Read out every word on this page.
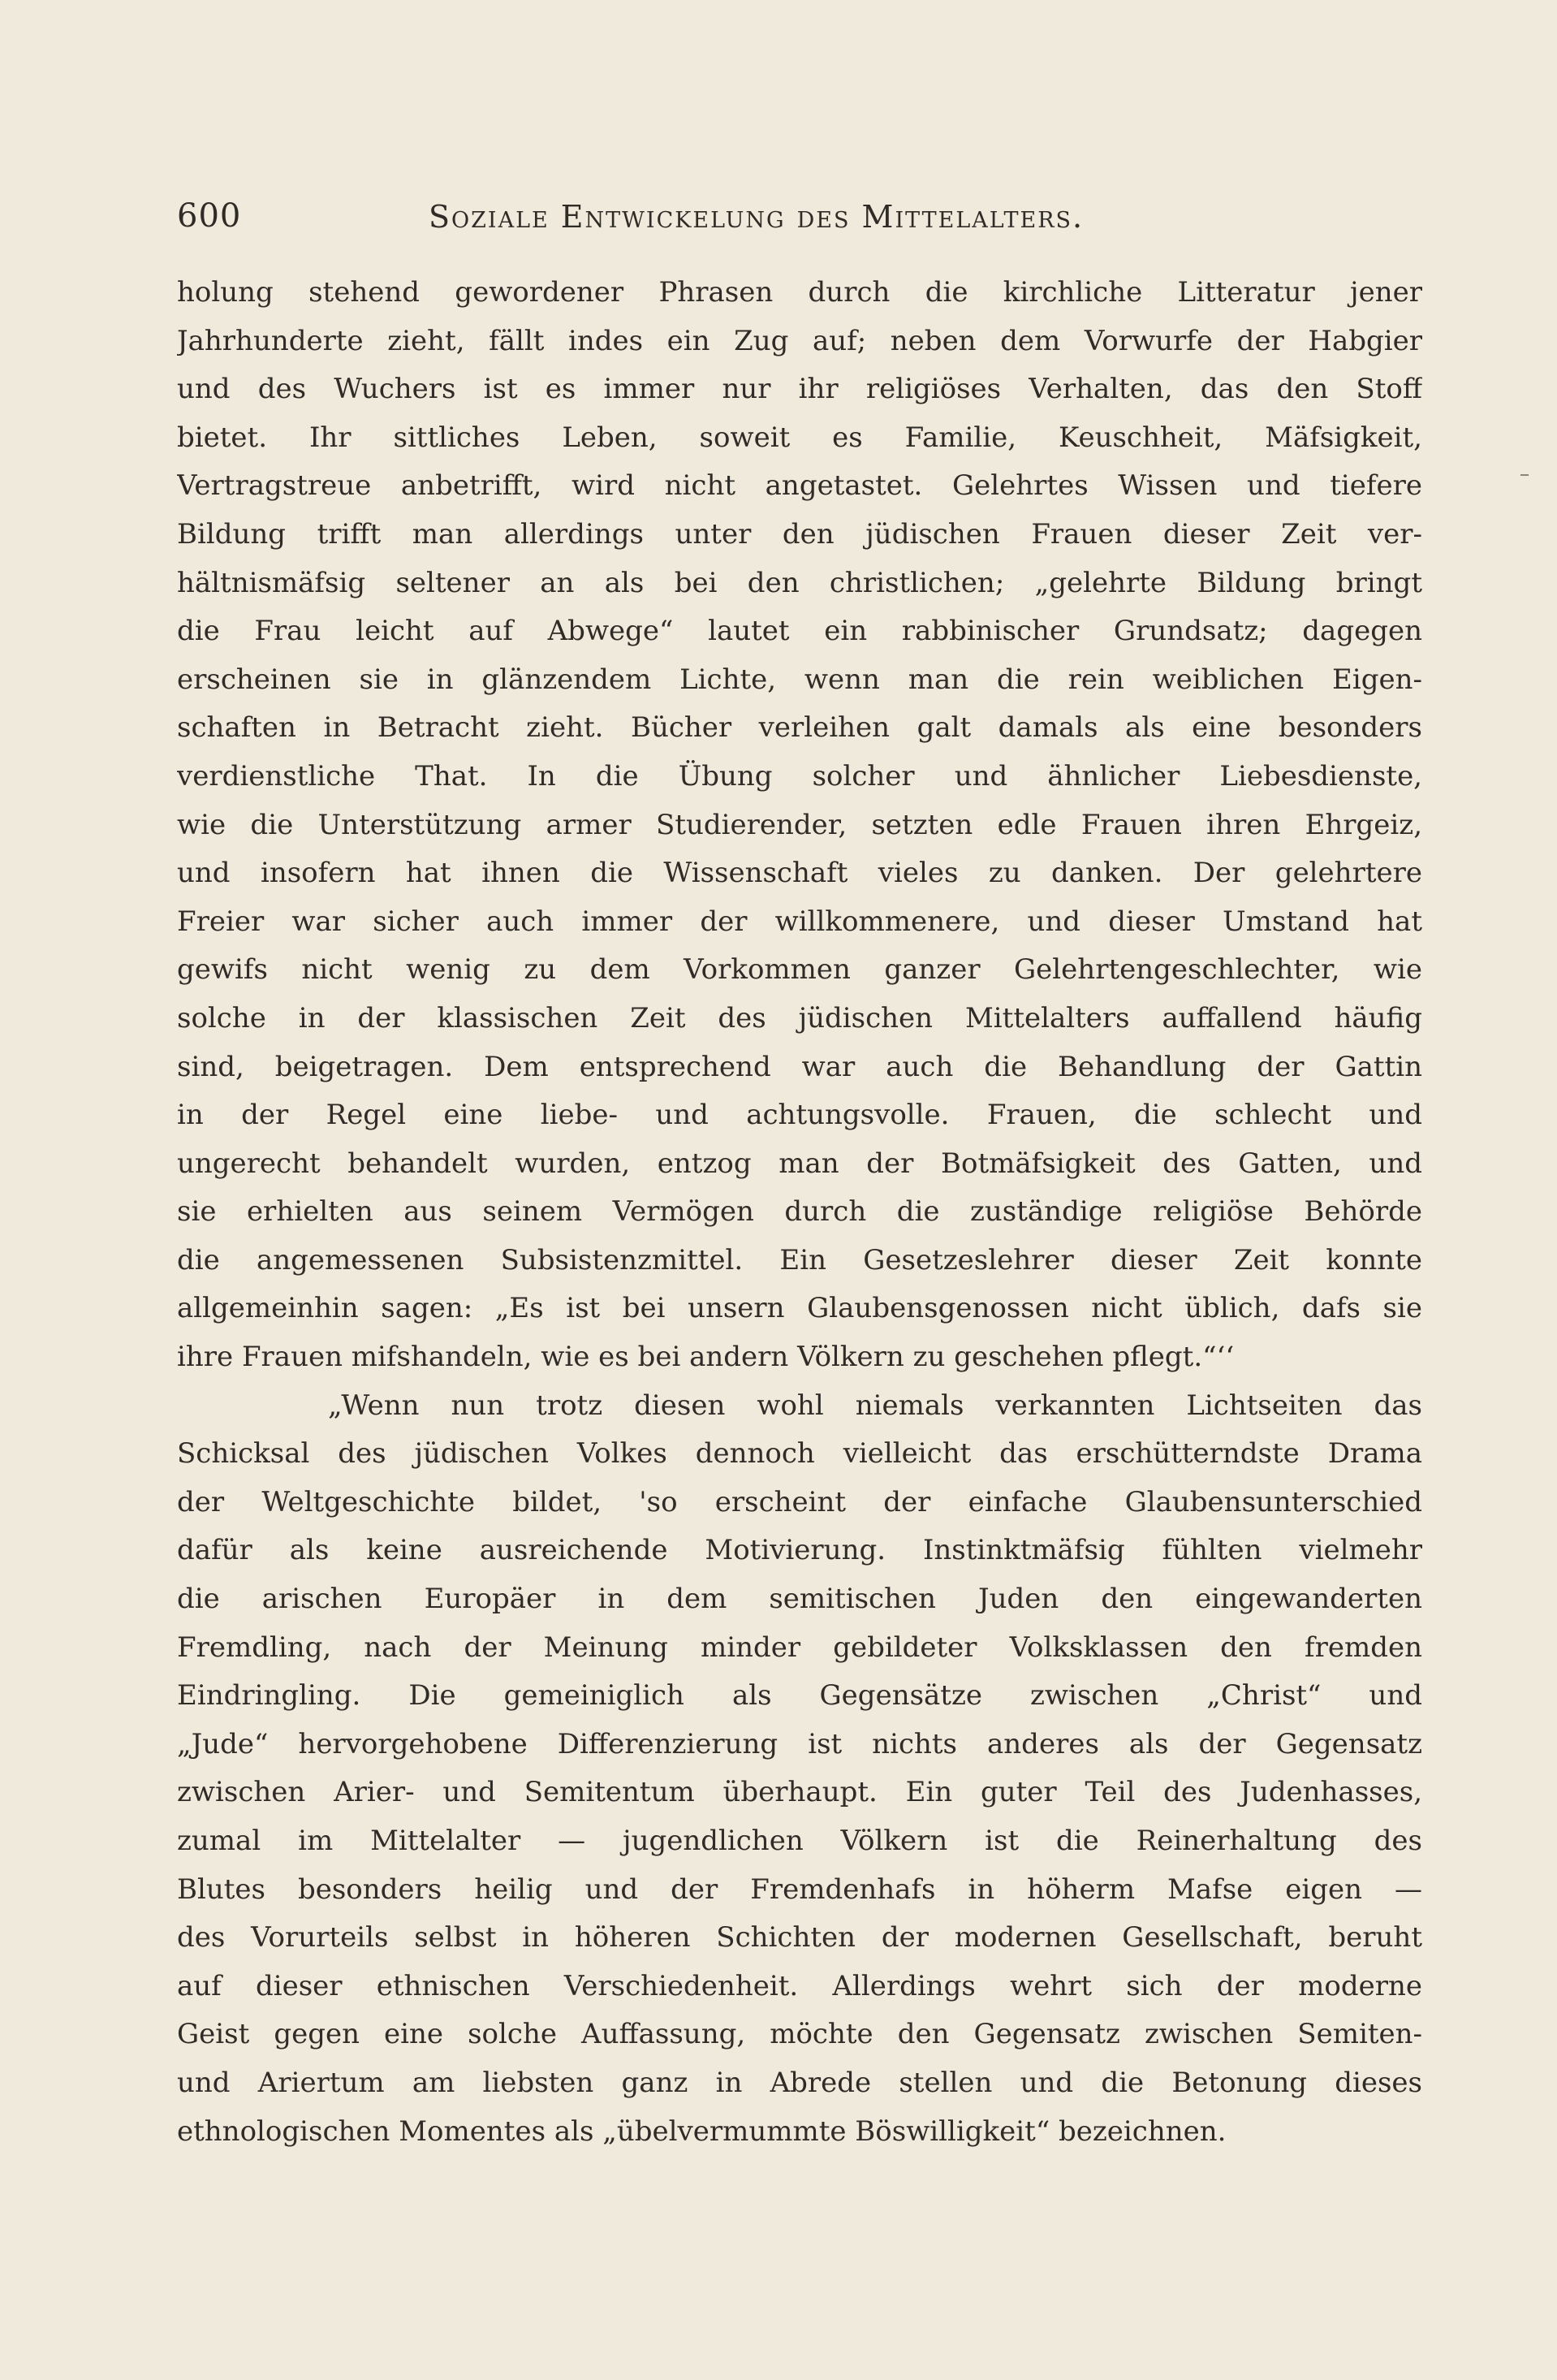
600	Soziale Entwickelung des Mittelalters.
holung stehend gewordener Phrasen durch die kirchliche Litteratur jener
Jahrhunderte zieht, fällt indes ein Zug auf; neben dem Vorwurfe der Habgier
und des Wuchers ist es immer nur ihr religiöses Verhalten, das den Stoff
bietet. Ihr sittliches Leben, soweit es Familie, Keuschheit, Mäfsigkeit,
Vertragstreue anbetrifft, wird nicht angetastet. Gelehrtes Wissen und tiefere
Bildung trifft man allerdings unter den jüdischen Frauen dieser Zeit ver-
hältnismäfsig seltener an als bei den christlichen; „gelehrte Bildung bringt
die Frau leicht auf Abwege“ lautet ein rabbinischer Grundsatz; dagegen
erscheinen sie in glänzendem Lichte, wenn man die rein weiblichen Eigen-
schaften in Betracht zieht. Bücher verleihen galt damals als eine besonders
verdienstliche That. In die Übung solcher und ähnlicher Liebesdienste,
wie die Unterstützung armer Studierender, setzten edle Frauen ihren Ehrgeiz,
und insofern hat ihnen die Wissenschaft vieles zu danken. Der gelehrtere
Freier war sicher auch immer der willkommenere, und dieser Umstand hat
gewifs nicht wenig zu dem Vorkommen ganzer Gelehrtengeschlechter, wie
solche in der klassischen Zeit des jüdischen Mittelalters auffallend häufig
sind, beigetragen. Dem entsprechend war auch die Behandlung der Gattin
in der Regel eine liebe- und achtungsvolle. Frauen, die schlecht und
ungerecht behandelt wurden, entzog man der Botmäfsigkeit des Gatten, und
sie erhielten aus seinem Vermögen durch die zuständige religiöse Behörde
die angemessenen Subsistenzmittel. Ein Gesetzeslehrer dieser Zeit konnte
allgemeinhin sagen: „Es ist bei unsern Glaubensgenossen nicht üblich, dafs sie
ihre Frauen mifshandeln, wie es bei andern Völkern zu geschehen pflegt.“‘‘
„Wenn nun trotz diesen wohl niemals verkannten Lichtseiten das
Schicksal des jüdischen Volkes dennoch vielleicht das erschütterndste Drama
der Weltgeschichte bildet, 'so erscheint der einfache Glaubensunterschied
dafür als keine ausreichende Motivierung. Instinktmäfsig fühlten vielmehr
die arischen Europäer in dem semitischen Juden den eingewanderten
Fremdling, nach der Meinung minder gebildeter Volksklassen den fremden
Eindringling. Die gemeiniglich als Gegensätze zwischen „Christ“ und
„Jude“ hervorgehobene Differenzierung ist nichts anderes als der Gegensatz
zwischen Arier- und Semitentum überhaupt. Ein guter Teil des Judenhasses,
zumal im Mittelalter — jugendlichen Völkern ist die Reinerhaltung des
Blutes besonders heilig und der Fremdenhafs in höherm Mafse eigen —
des Vorurteils selbst in höheren Schichten der modernen Gesellschaft, beruht
auf dieser ethnischen Verschiedenheit. Allerdings wehrt sich der moderne
Geist gegen eine solche Auffassung, möchte den Gegensatz zwischen Semiten-
und Ariertum am liebsten ganz in Abrede stellen und die Betonung dieses
ethnologischen Momentes als „übelvermummte Böswilligkeit“ bezeichnen.
